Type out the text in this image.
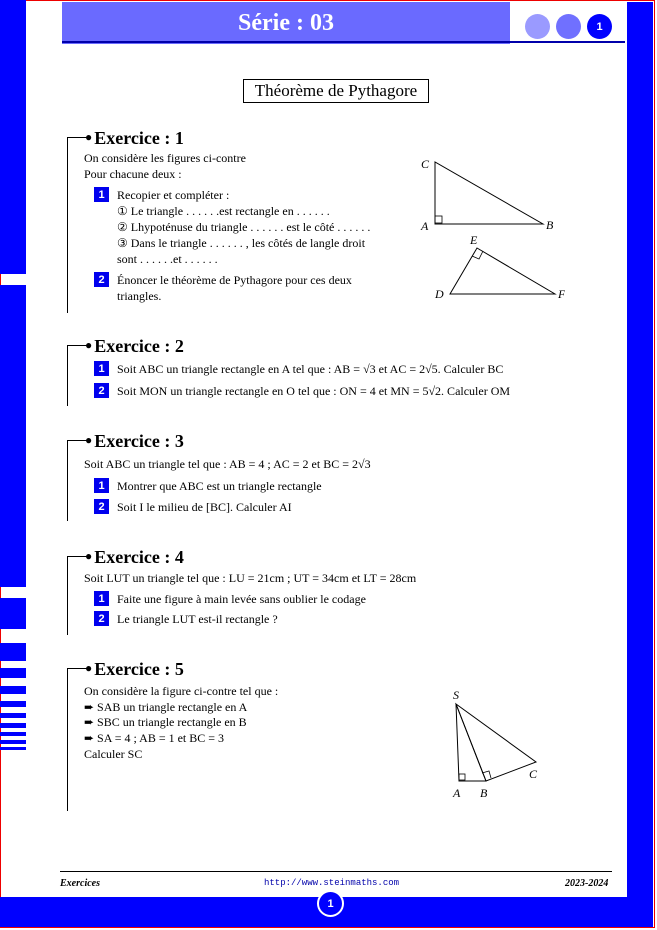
Série : 03	1
Théorème de Pythagore
● Exercice : 1
On considère les figures ci-contre
Pour chacune deux :
1	Recopier et compléter :
① Le triangle . . . . . .est rectangle en . . . . . .
② Lhypoténuse du triangle . . . . . . est le côté . . . . . .
③ Dans le triangle . . . . . . , les côtés de langle droit
sont . . . . . .et . . . . . .
2	Énoncer le théorème de Pythagore pour ces deux
triangles.
C
A	B
E
D	F
● Exercice : 2
1	Soit ABC un triangle rectangle en A tel que : AB = √3 et AC = 2√5. Calculer BC
2	Soit MON un triangle rectangle en O tel que : ON = 4 et MN = 5√2. Calculer OM
● Exercice : 3
Soit ABC un triangle tel que : AB = 4 ; AC = 2 et BC = 2√3
1	Montrer que ABC est un triangle rectangle
2	Soit I le milieu de [BC]. Calculer AI
● Exercice : 4
Soit LUT un triangle tel que : LU = 21cm ; UT = 34cm et LT = 28cm
1	Faite une figure à main levée sans oublier le codage
2	Le triangle LUT est-il rectangle ?
● Exercice : 5
On considère la figure ci-contre tel que :
➨ SAB un triangle rectangle en A
➨ SBC un triangle rectangle en B
➨ SA = 4 ; AB = 1 et BC = 3
Calculer SC
S
A B
C
Exercices	http://www.steinmaths.com	2023-2024
1
